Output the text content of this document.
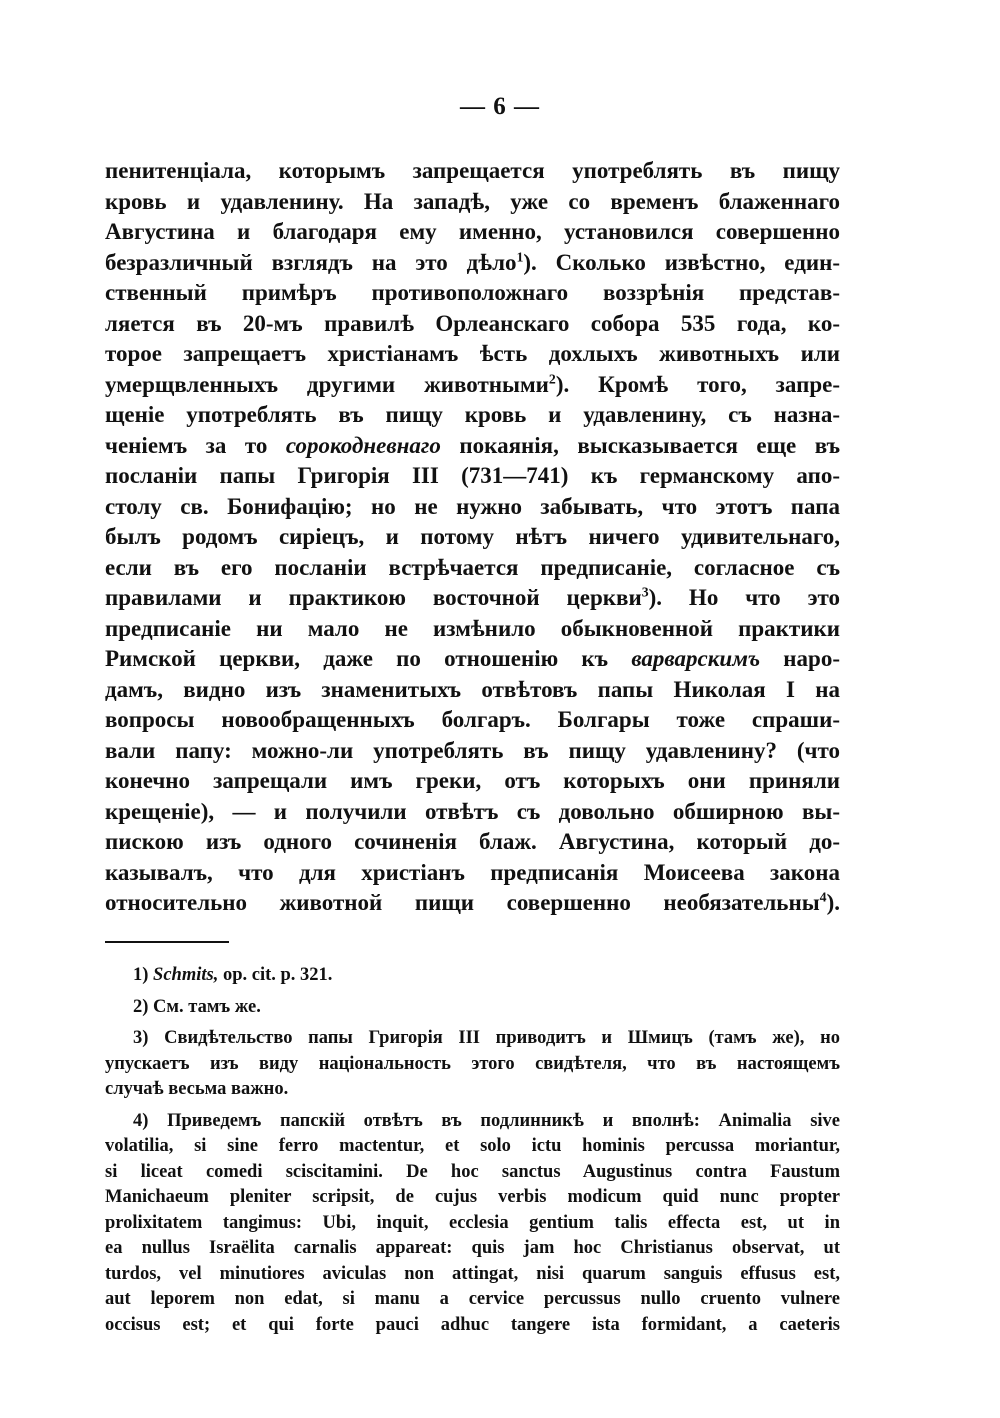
— 6 —
пенитенціала, которымъ запрещается употреблять въ пищу
кровь и удавленину. На западѣ, уже со временъ блаженнаго
Августина и благодаря ему именно, установился совершенно
безразличный взглядъ на это дѣло$^1$). Сколько извѣстно, един-
ственный примѣръ противоположнаго воззрѣнія представ-
ляется въ 20-мъ правилѣ Орлеанскаго собора 535 года, ко-
торое запрещаетъ христіанамъ ѣсть дохлыхъ животныхъ или
умерщвленныхъ другими животными$^2$). Кромѣ того, запре-
щеніе употреблять въ пищу кровь и удавленину, съ назна-
ченіемъ за то сорокодневнаго покаянія, высказывается еще въ
посланіи папы Григорія III (731—741) къ германскому апо-
столу св. Бонифацію; но не нужно забывать, что этотъ папа
былъ родомъ сиріецъ, и потому нѣтъ ничего удивительнаго,
если въ его посланіи встрѣчается предписаніе, согласное съ
правилами и практикою восточной церкви$^3$). Но что это
предписаніе ни мало не измѣнило обыкновенной практики
Римской церкви, даже по отношенію къ варварскимъ наро-
дамъ, видно изъ знаменитыхъ отвѣтовъ папы Николая I на
вопросы новообращенныхъ болгаръ. Болгары тоже спраши-
вали папу: можно-ли употреблять въ пищу удавленину? (что
конечно запрещали имъ греки, отъ которыхъ они приняли
крещеніе), — и получили отвѣтъ съ довольно обширною вы-
пискою изъ одного сочиненія блаж. Августина, который до-
казывалъ, что для христіанъ предписанія Моисеева закона
относительно животной пищи совершенно необязательны$^4$).
1) Schmits, op. cit. p. 321.
2) См. тамъ же.
3) Свидѣтельство папы Григорія III приводитъ и Шмицъ (тамъ же), но
упускаетъ изъ виду національность этого свидѣтеля, что въ настоящемъ
случаѣ весьма важно.
4) Приведемъ папскій отвѣтъ въ подлинникѣ и вполнѣ: Animalia sive
volatilia, si sine ferro mactentur, et solo ictu hominis percussa moriantur,
si liceat comedi sciscitamini. De hoc sanctus Augustinus contra Faustum
Manichaeum pleniter scripsit, de cujus verbis modicum quid nunc propter
prolixitatem tangimus: Ubi, inquit, ecclesia gentium talis effecta est, ut in
ea nullus Israëlita carnalis appareat: quis jam hoc Christianus observat, ut
turdos, vel minutiores aviculas non attingat, nisi quarum sanguis effusus est,
aut leporem non edat, si manu a cervice percussus nullo cruento vulnere
occisus est; et qui forte pauci adhuc tangere ista formidant, a caeteris
